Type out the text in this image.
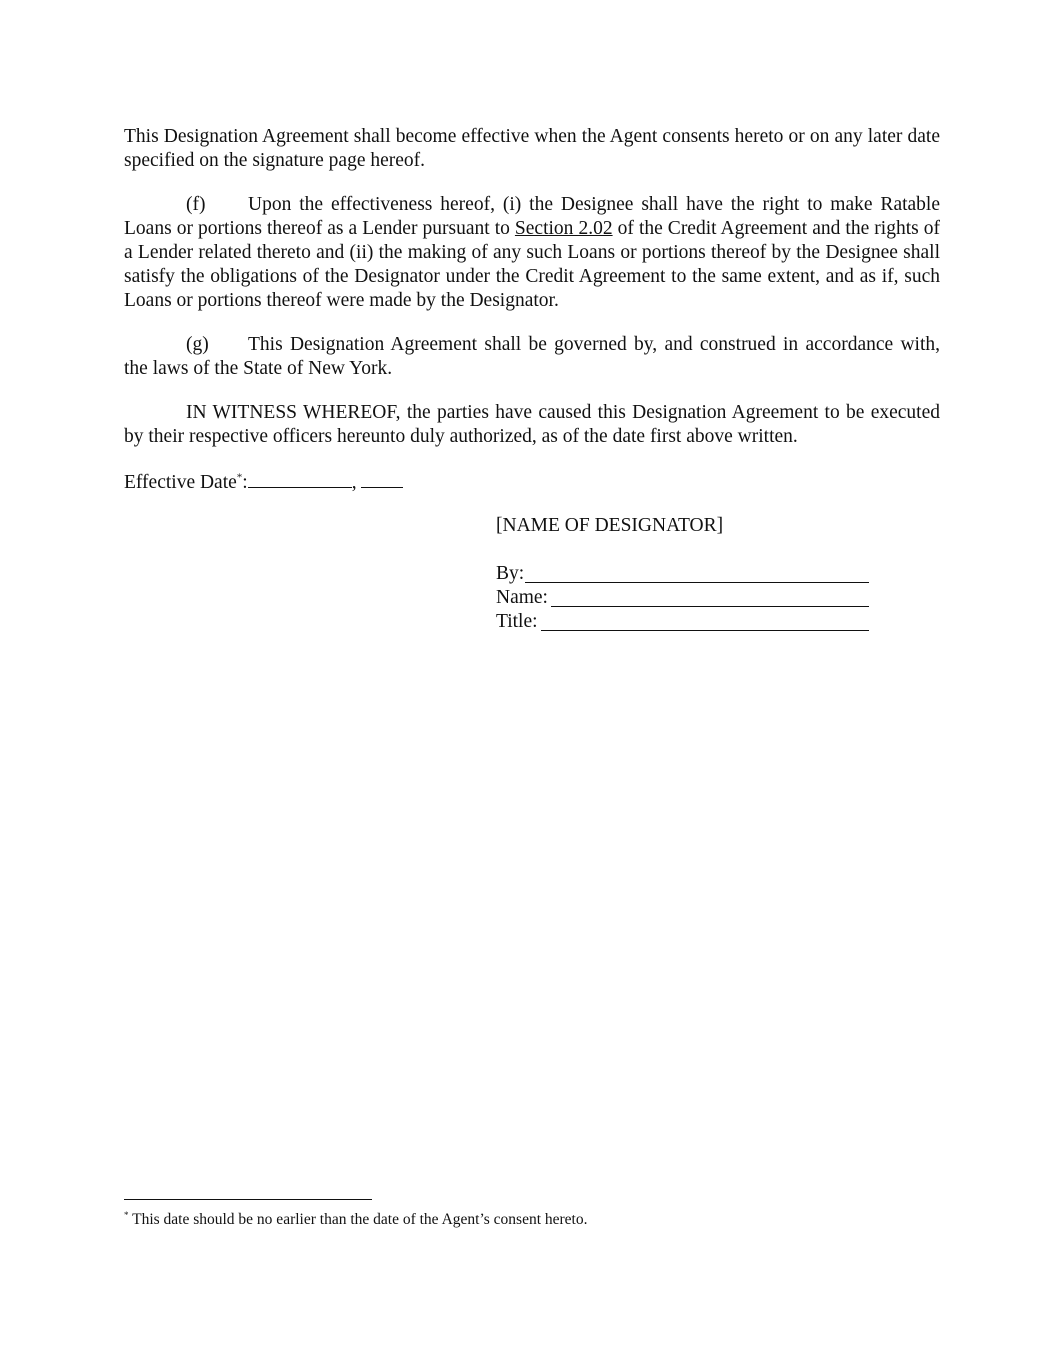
This Designation Agreement shall become effective when the Agent consents hereto or on any later date specified on the signature page hereof.

(f) Upon the effectiveness hereof, (i) the Designee shall have the right to make Ratable Loans or portions thereof as a Lender pursuant to Section 2.02 of the Credit Agreement and the rights of a Lender related thereto and (ii) the making of any such Loans or portions thereof by the Designee shall satisfy the obligations of the Designator under the Credit Agreement to the same extent, and as if, such Loans or portions thereof were made by the Designator.

(g) This Designation Agreement shall be governed by, and construed in accordance with, the laws of the State of New York.

IN WITNESS WHEREOF, the parties have caused this Designation Agreement to be executed by their respective officers hereunto duly authorized, as of the date first above written.

Effective Date*:	,

[NAME OF DESIGNATOR]
By:
Name:
Title:
* This date should be no earlier than the date of the Agent’s consent hereto.
